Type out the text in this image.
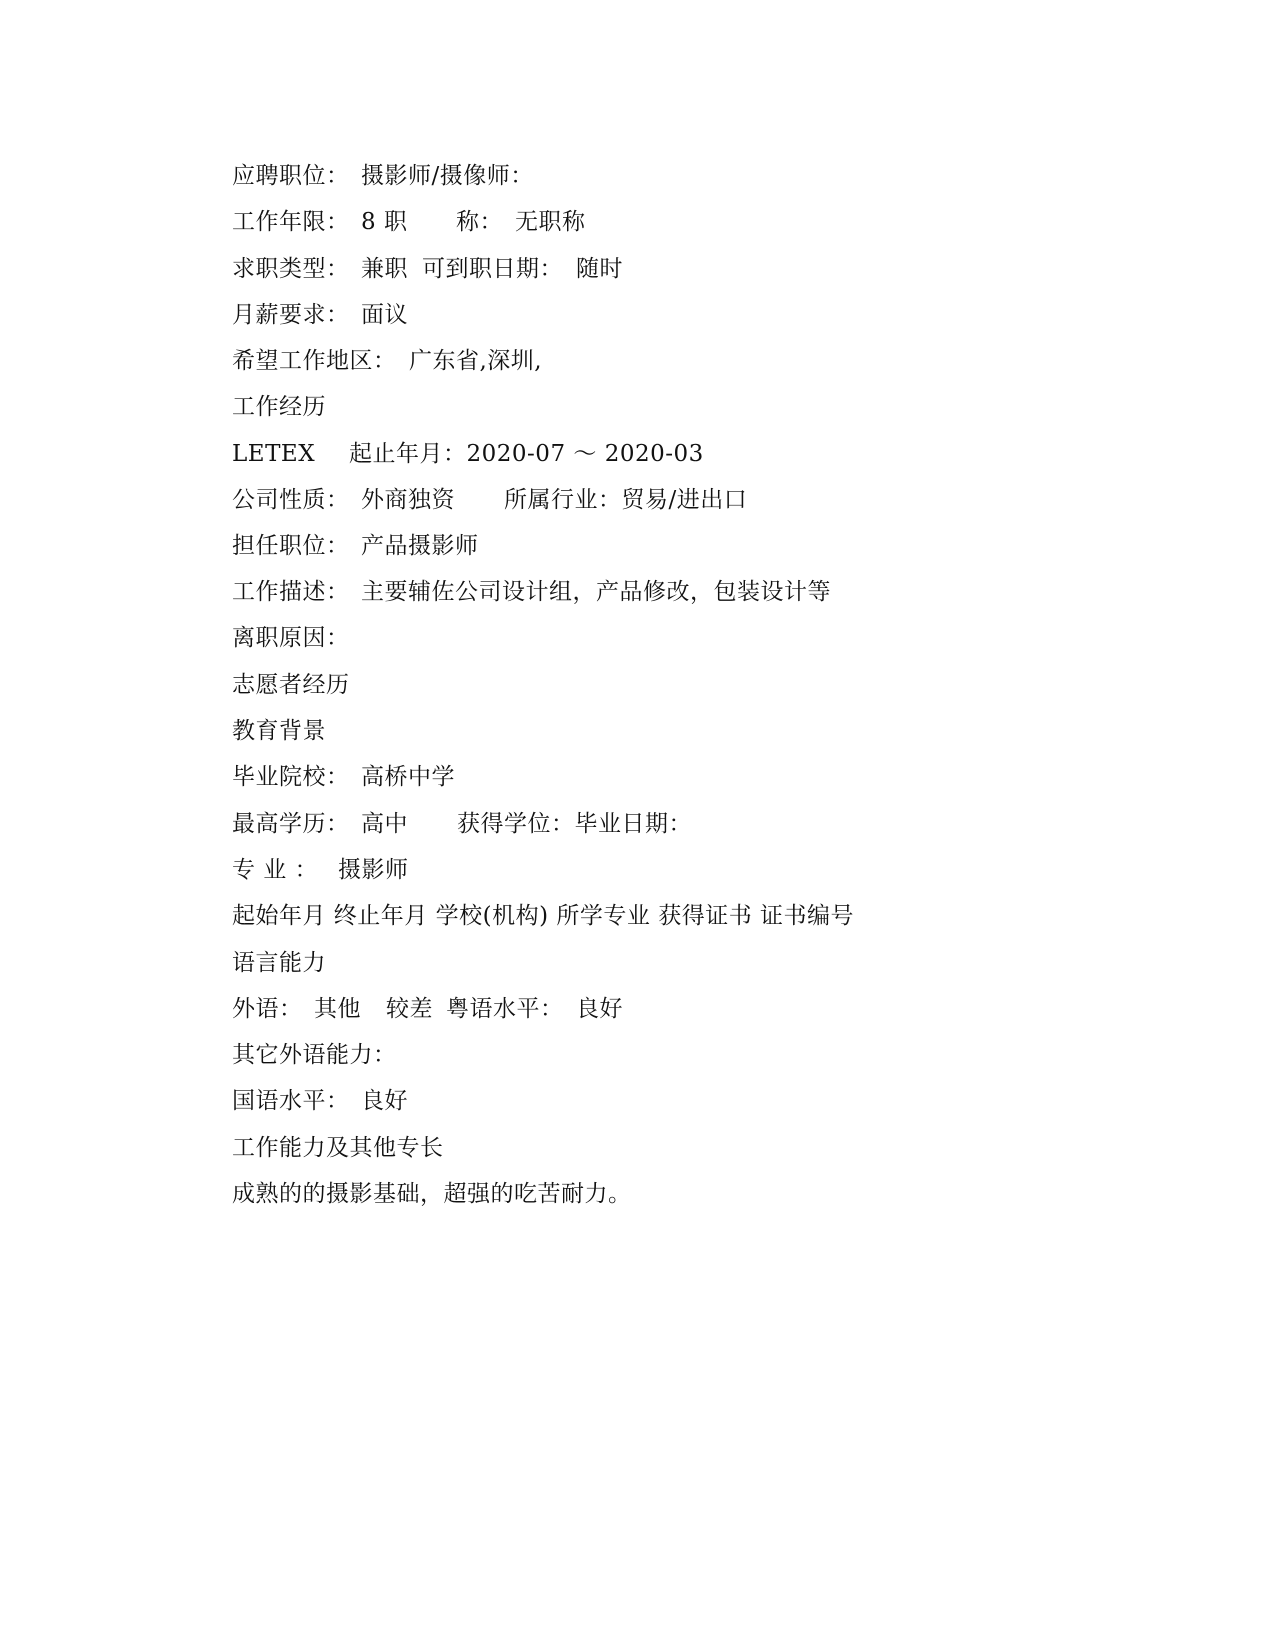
应聘职位：

摄影师/摄像师：

工作年限：

8 职

称：

无职称

求职类型：

兼职

可到职日期：

随时

月薪要求：

面议

希望工作地区：

广东省,深圳,

工作经历

LETEX

起止年月：2020-07 ～ 2020-03

公司性质：

外商独资

所属行业：贸易/进出口

担任职位：

产品摄影师

工作描述：

主要辅佐公司设计组，产品修改，包装设计等

离职原因：

志愿者经历

教育背景

毕业院校：

高桥中学

最高学历：

高中

获得学位：毕业日期：

专 业 ：

摄影师

起始年月 终止年月 学校(机构) 所学专业 获得证书 证书编号

语言能力

外语：

其他

较差

粤语水平：

良好

其它外语能力：

国语水平：

良好

工作能力及其他专长

成熟的的摄影基础，超强的吃苦耐力。
